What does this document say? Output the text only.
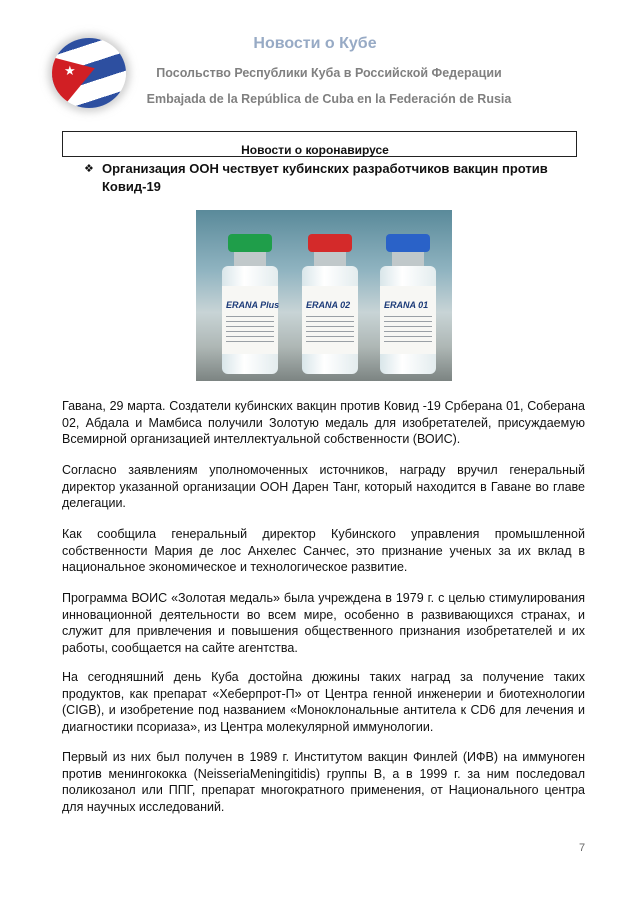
★
Новости о Кубе
Посольство Республики Куба в Российской Федерации
Embajada de la República de Cuba en la Federación de Rusia
Новости о коронавирусе
❖ Организация ООН чествует кубинских разработчиков вакцин против Ковид-19
ERANA Plus	ERANA 02	ERANA 01

Гавана, 29 марта. Создатели кубинских вакцин против Ковид -19 Срберана 01, Соберана 02, Абдала и Мамбиса получили Золотую медаль для изобретателей, присуждаемую Всемирной организацией интеллектуальной собственности (ВОИС).

Согласно заявлениям уполномоченных источников, награду вручил генеральный директор указанной организации ООН Дарен Танг, который находится в Гаване во главе делегации.

Как сообщила генеральный директор Кубинского управления промышленной собственности Мария де лос Анхелес Санчес, это признание ученых за их вклад в национальное экономическое и технологическое развитие.

Программа ВОИС «Золотая медаль» была учреждена в 1979 г. с целью стимулирования инновационной деятельности во всем мире, особенно в развивающихся странах, и служит для привлечения и повышения общественного признания изобретателей и их работы, сообщается на сайте агентства.

На сегодняшний день Куба достойна дюжины таких наград за получение таких продуктов, как препарат «Хеберпрот-П» от Центра генной инженерии и биотехнологии (CIGB), и изобретение под названием «Моноклональные антитела к CD6 для лечения и диагностики псориаза», из Центра молекулярной иммунологии.

Первый из них был получен в 1989 г. Институтом вакцин Финлей (ИФВ) на иммуноген против менингококка (NeisseriaMeningitidis) группы B, а в 1999 г. за ним последовал поликозанол или ППГ, препарат многократного применения, от Национального центра для научных исследований.

7
